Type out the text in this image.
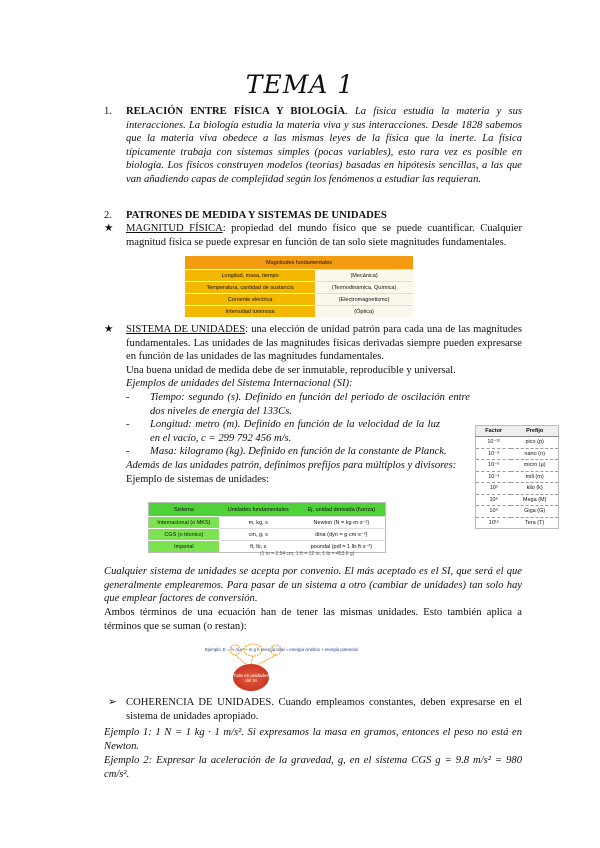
TEMA 1
1.	RELACIÓN ENTRE FÍSICA Y BIOLOGÍA. La física estudia la materia y sus interacciones. La biología estudia la materia viva y sus interacciones. Desde 1828 sabemos que la materia viva obedece a las mismas leyes de la física que la inerte. La física típicamente trabaja con sistemas simples (pocas variables), esto rara vez es posible en biología. Los físicos construyen modelos (teorías) basadas en hipótesis sencillas, a las que van añadiendo capas de complejidad según los fenómenos a estudiar las requieran.
2. PATRONES DE MEDIDA Y SISTEMAS DE UNIDADES
★	MAGNITUD FÍSICA: propiedad del mundo físico que se puede cuantificar. Cualquier magnitud física se puede expresar en función de tan solo siete magnitudes fundamentales.
Magnitudes fundamentales	
Longitud, masa, tiempo	(Mecánica)
Temperatura, cantidad de sustancia	(Termodinámica, Química)
Corriente eléctrica	(Electromagnetismo)
Intensidad luminosa	(Óptica)
★	SISTEMA DE UNIDADES: una elección de unidad patrón para cada una de las magnitudes fundamentales. Las unidades de las magnitudes físicas derivadas siempre pueden expresarse en función de las unidades de las magnitudes fundamentales.
Una buena unidad de medida debe de ser inmutable, reproducible y universal.
Ejemplos de unidades del Sistema Internacional (SI):
- Tiempo: segundo (s). Definido en función del periodo de oscilación entre dos niveles de energía del 133Cs.
- Longitud: metro (m). Definido en función de la velocidad de la luz en el vacío, c = 299 792 456 m/s.
- Masa: kilogramo (kg). Definido en función de la constante de Planck.
Además de las unidades patrón, definimos prefijos para múltiplos y divisores:
Ejemplo de sistemas de unidades:
Sistema	Unidades fundamentales	Ej. unidad derivada (fuerza)
Internacional (o MKS)	m, kg, s	Newton (N = kg·m·s⁻²)
CGS (o técnico)	cm, g, s	dina (dyn = g·cm·s⁻²)
Imperial	ft, lb, s	poundal (pdl = 1 lb·ft·s⁻²)
(1 in = 2.54 cm, 1 ft = 12 in, 1 lb = 453.6 g)
Factor	Prefijo
10⁻¹²	pico (p)
10⁻⁹	nano (n)
10⁻⁶	micro (μ)
10⁻³	mili (m)
10³	kilo (k)
10⁶	Mega (M)
10⁹	Giga (G)
10¹²	Tera (T)
Cualquier sistema de unidades se acepta por convenio. El más aceptado es el SI, que será el que generalmente emplearemos. Para pasar de un sistema a otro (cambiar de unidades) tan solo hay que emplear factores de conversión.
Ambos términos de una ecuación han de tener las mismas unidades. Esto también aplica a términos que se suman (o restan):
Ejemplo: E = ½ m v² + m g h energía total = energía cinética + energía potencial
Todo en unidades del SI
➢ COHERENCIA DE UNIDADES. Cuando empleamos constantes, deben expresarse en el sistema de unidades apropiado.
Ejemplo 1: 1 N = 1 kg · 1 m/s². Si expresamos la masa en gramos, entonces el peso no está en Newton.
Ejemplo 2: Expresar la aceleración de la gravedad, g, en el sistema CGS g = 9.8 m/s² = 980 cm/s².
